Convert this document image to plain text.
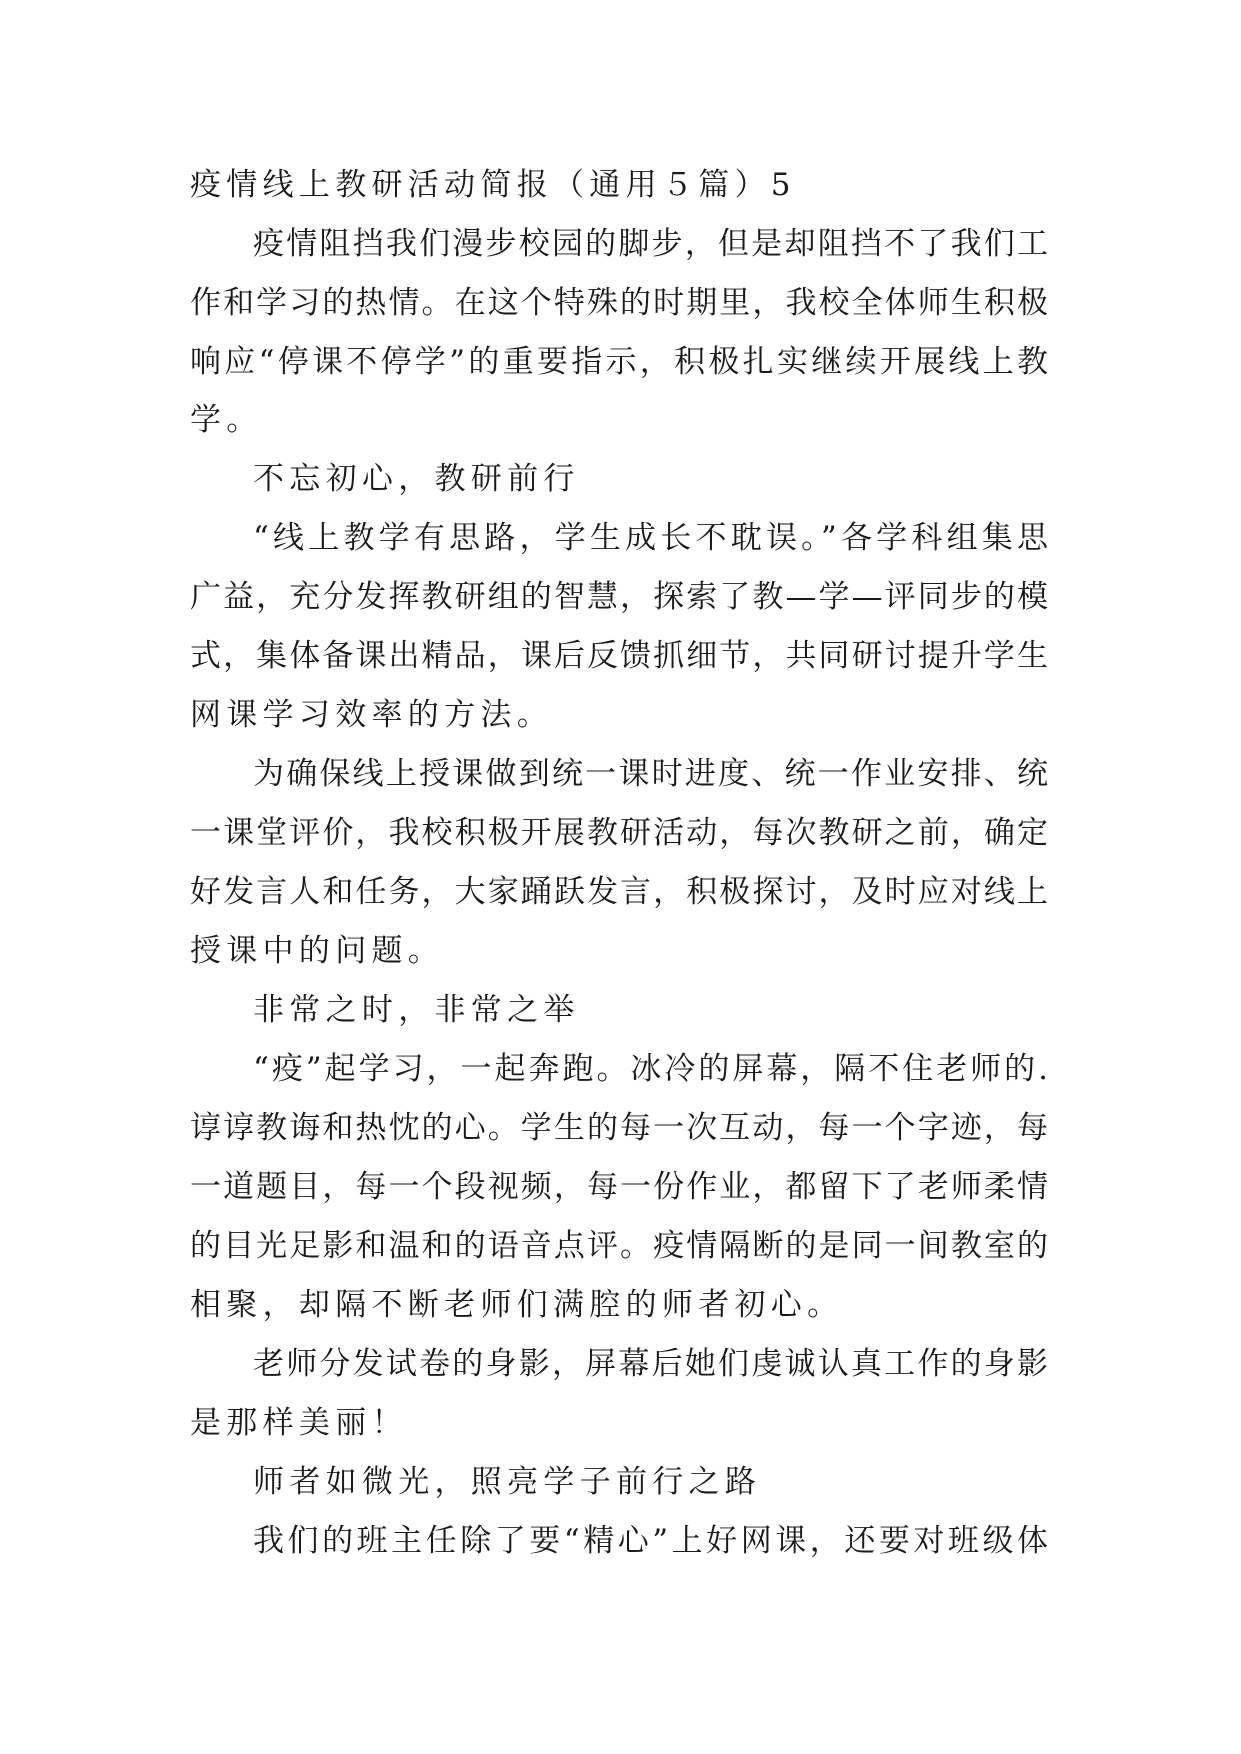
疫情线上教研活动简报（通用５篇）5

疫情阻挡我们漫步校园的脚步，但是却阻挡不了我们工

作和学习的热情。在这个特殊的时期里，我校全体师生积极

响应“停课不停学”的重要指示，积极扎实继续开展线上教

学。

不忘初心，教研前行

“线上教学有思路，学生成长不耽误。”各学科组集思

广益，充分发挥教研组的智慧，探索了教—学—评同步的模

式，集体备课出精品，课后反馈抓细节，共同研讨提升学生

网课学习效率的方法。

为确保线上授课做到统一课时进度、统一作业安排、统

一课堂评价，我校积极开展教研活动，每次教研之前，确定

好发言人和任务，大家踊跃发言，积极探讨，及时应对线上

授课中的问题。

非常之时，非常之举

“疫”起学习，一起奔跑。冰冷的屏幕，隔不住老师的.

谆谆教诲和热忱的心。学生的每一次互动，每一个字迹，每

一道题目，每一个段视频，每一份作业，都留下了老师柔情

的目光足影和温和的语音点评。疫情隔断的是同一间教室的

相聚，却隔不断老师们满腔的师者初心。

老师分发试卷的身影，屏幕后她们虔诚认真工作的身影

是那样美丽！

师者如微光，照亮学子前行之路

我们的班主任除了要“精心”上好网课，还要对班级体
